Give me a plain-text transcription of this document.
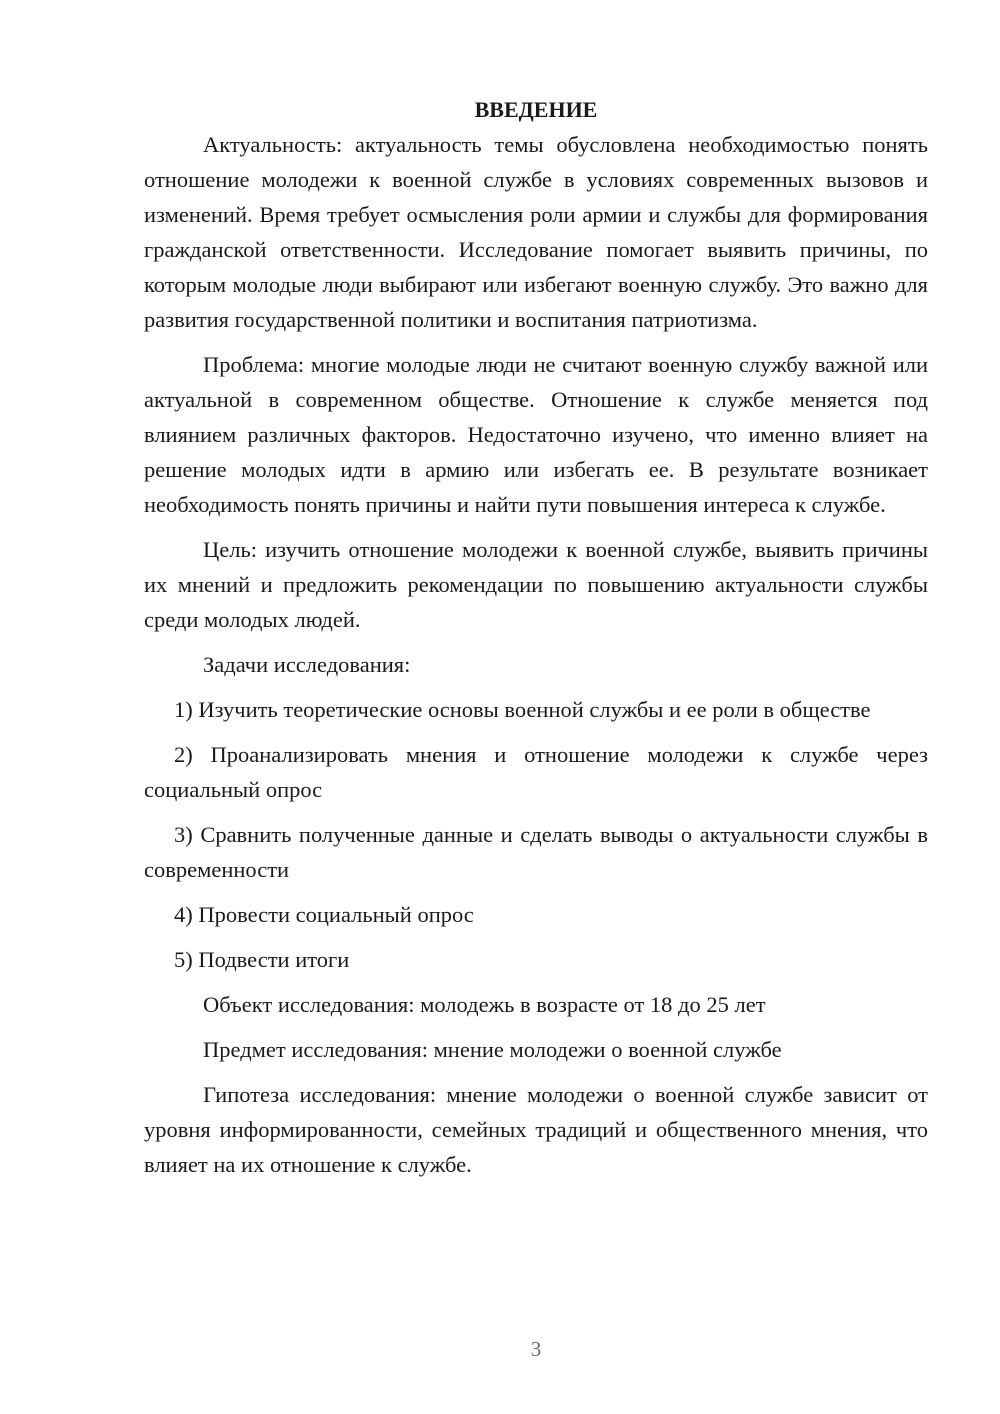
ВВЕДЕНИЕ

Актуальность: актуальность темы обусловлена необходимостью понять отношение молодежи к военной службе в условиях современных вызовов и изменений. Время требует осмысления роли армии и службы для формирования гражданской ответственности. Исследование помогает выявить причины, по которым молодые люди выбирают или избегают военную службу. Это важно для развития государственной политики и воспитания патриотизма.

Проблема: многие молодые люди не считают военную службу важной или актуальной в современном обществе. Отношение к службе меняется под влиянием различных факторов. Недостаточно изучено, что именно влияет на решение молодых идти в армию или избегать ее. В результате возникает необходимость понять причины и найти пути повышения интереса к службе.

Цель: изучить отношение молодежи к военной службе, выявить причины их мнений и предложить рекомендации по повышению актуальности службы среди молодых людей.

Задачи исследования:

1) Изучить теоретические основы военной службы и ее роли в обществе

2) Проанализировать мнения и отношение молодежи к службе через социальный опрос

3) Сравнить полученные данные и сделать выводы о актуальности службы в современности

4) Провести социальный опрос

5) Подвести итоги

Объект исследования: молодежь в возрасте от 18 до 25 лет

Предмет исследования: мнение молодежи о военной службе

Гипотеза исследования: мнение молодежи о военной службе зависит от уровня информированности, семейных традиций и общественного мнения, что влияет на их отношение к службе.

3
